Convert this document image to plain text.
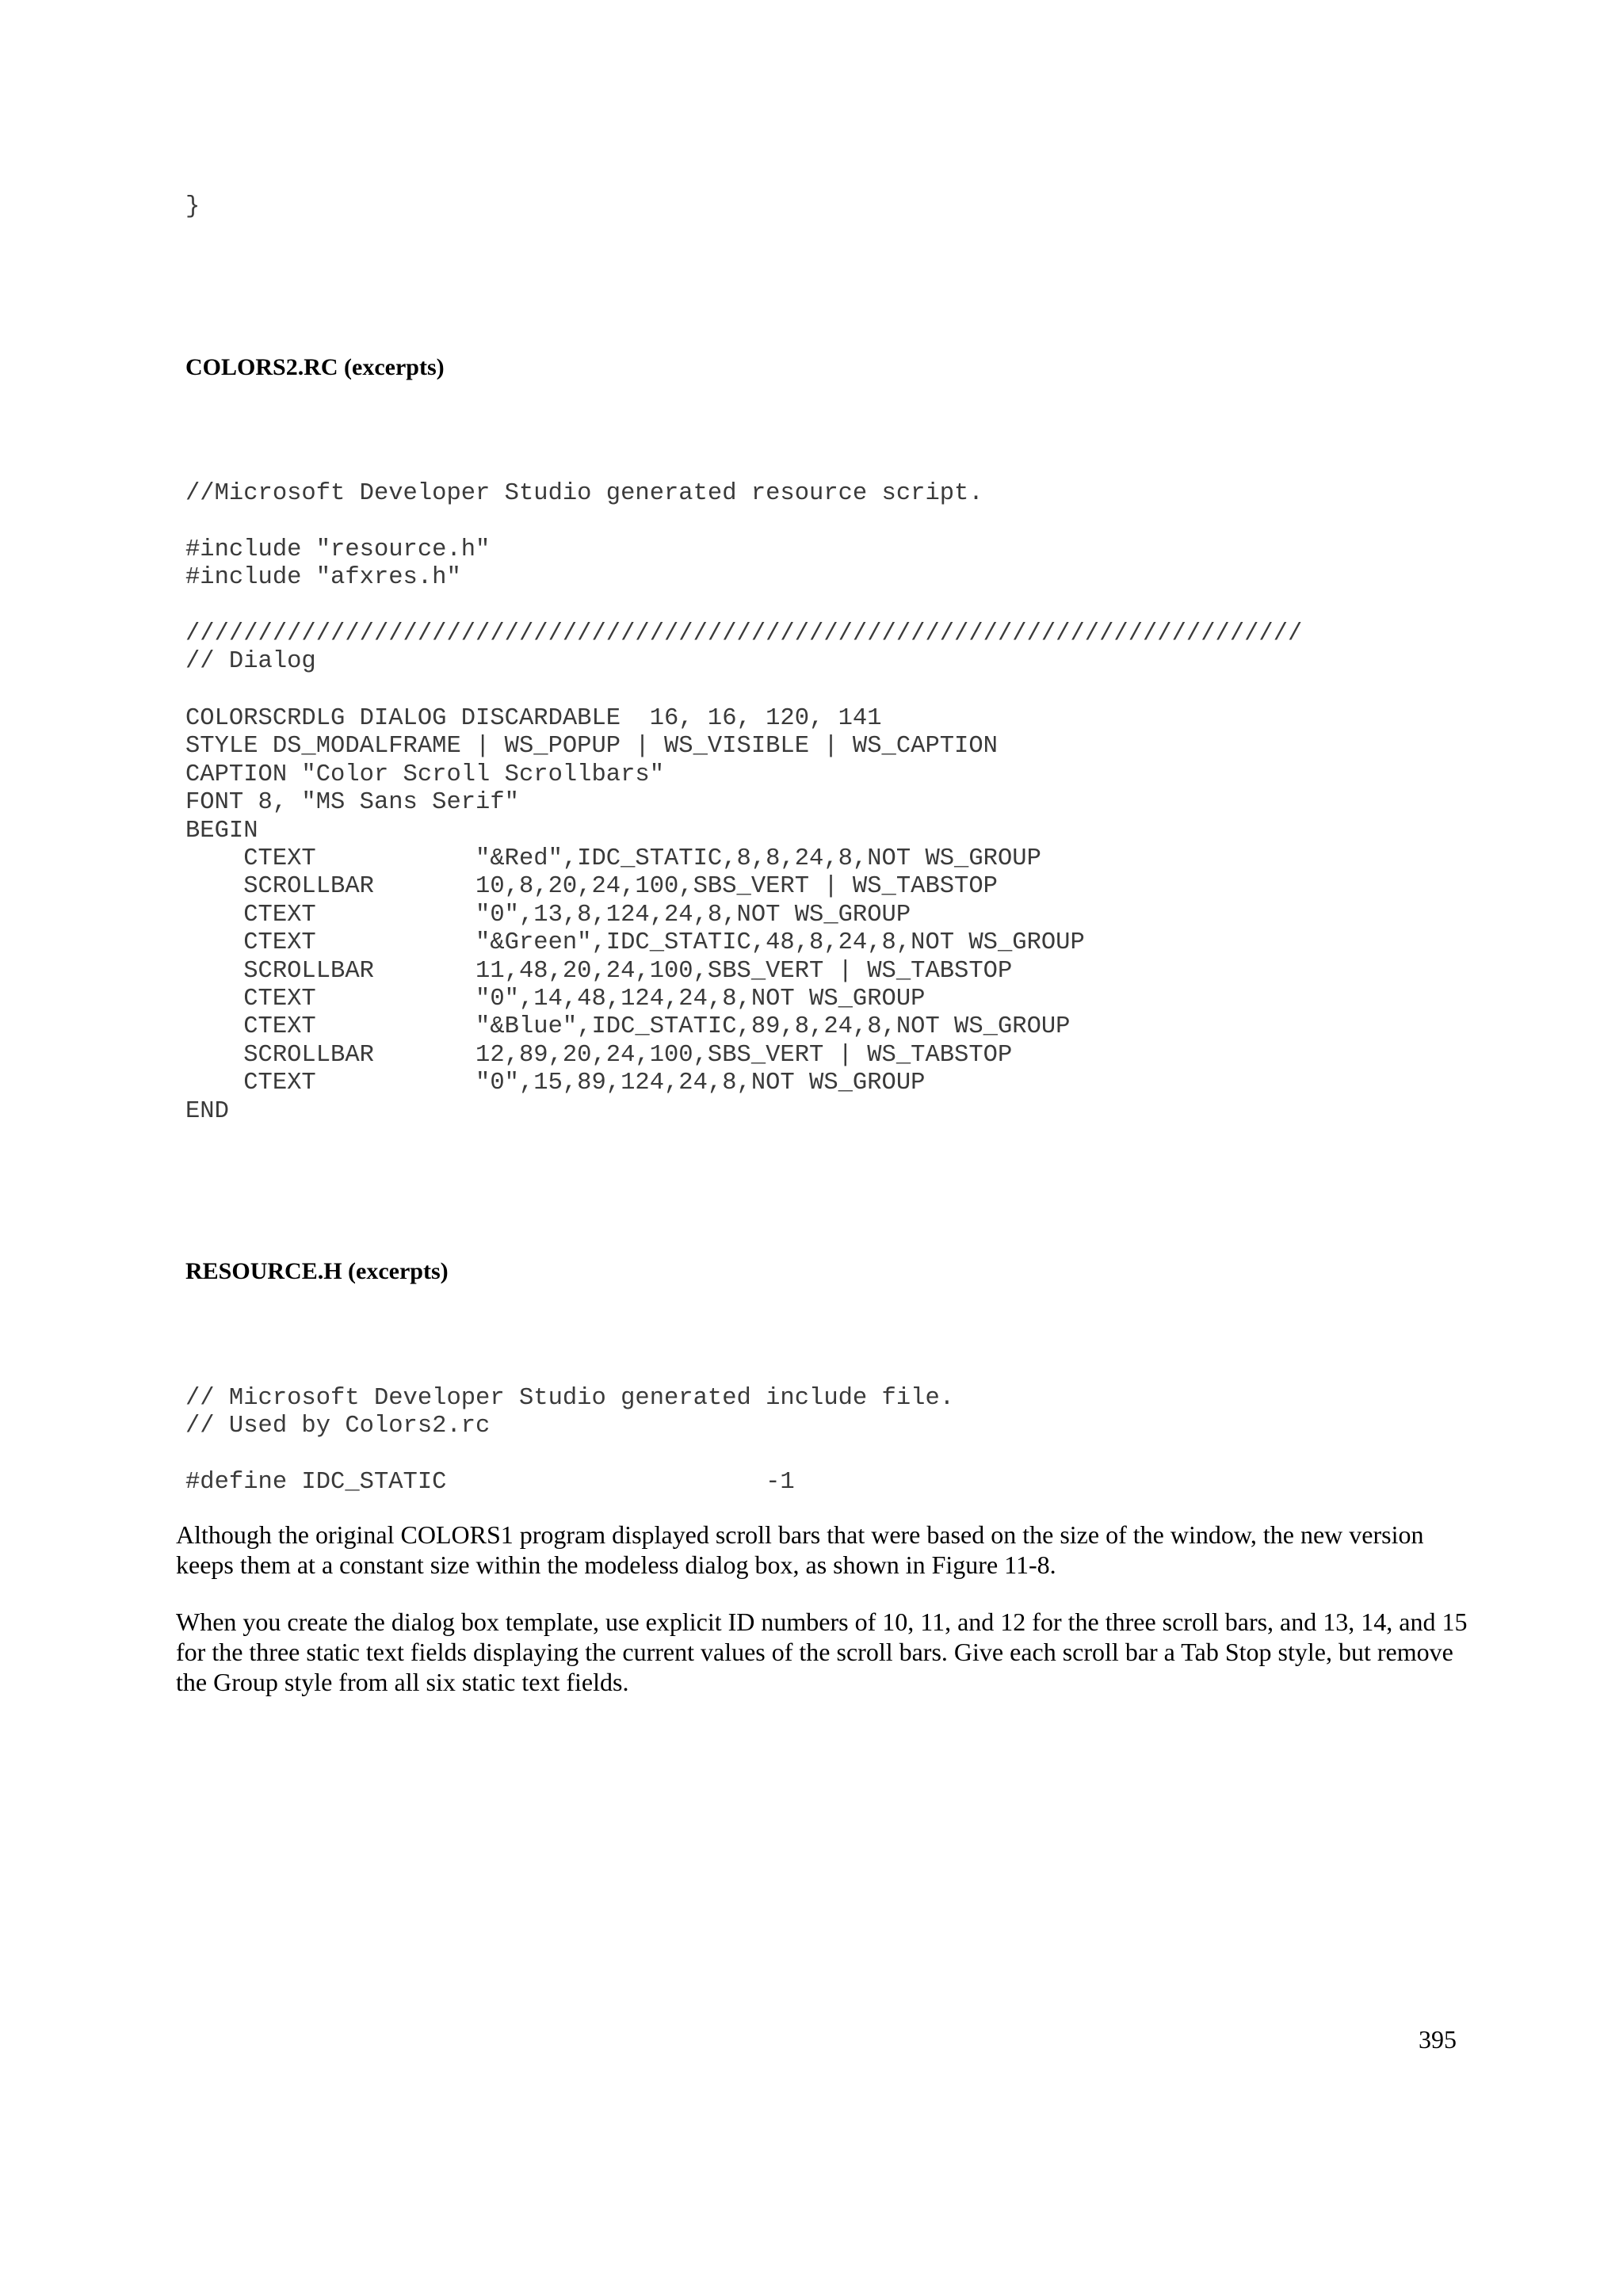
}
COLORS2.RC (excerpts)
//Microsoft Developer Studio generated resource script.
#include "resource.h"
#include "afxres.h"
/////////////////////////////////////////////////////////////////////////////
// Dialog
COLORSCRDLG DIALOG DISCARDABLE  16, 16, 120, 141
STYLE DS_MODALFRAME | WS_POPUP | WS_VISIBLE | WS_CAPTION
CAPTION "Color Scroll Scrollbars"
FONT 8, "MS Sans Serif"
BEGIN
CTEXT           "&Red",IDC_STATIC,8,8,24,8,NOT WS_GROUP
SCROLLBAR       10,8,20,24,100,SBS_VERT | WS_TABSTOP
CTEXT           "0",13,8,124,24,8,NOT WS_GROUP
CTEXT           "&Green",IDC_STATIC,48,8,24,8,NOT WS_GROUP
SCROLLBAR       11,48,20,24,100,SBS_VERT | WS_TABSTOP
CTEXT           "0",14,48,124,24,8,NOT WS_GROUP
CTEXT           "&Blue",IDC_STATIC,89,8,24,8,NOT WS_GROUP
SCROLLBAR       12,89,20,24,100,SBS_VERT | WS_TABSTOP
CTEXT           "0",15,89,124,24,8,NOT WS_GROUP
END
RESOURCE.H (excerpts)
// Microsoft Developer Studio generated include file.
// Used by Colors2.rc
#define IDC_STATIC                      -1

Although the original COLORS1 program displayed scroll bars that were based on the size of the window, the new version keeps them at a constant size within the modeless dialog box, as shown in Figure 11-8.

When you create the dialog box template, use explicit ID numbers of 10, 11, and 12 for the three scroll bars, and 13, 14, and 15 for the three static text fields displaying the current values of the scroll bars. Give each scroll bar a Tab Stop style, but remove the Group style from all six static text fields.

395
